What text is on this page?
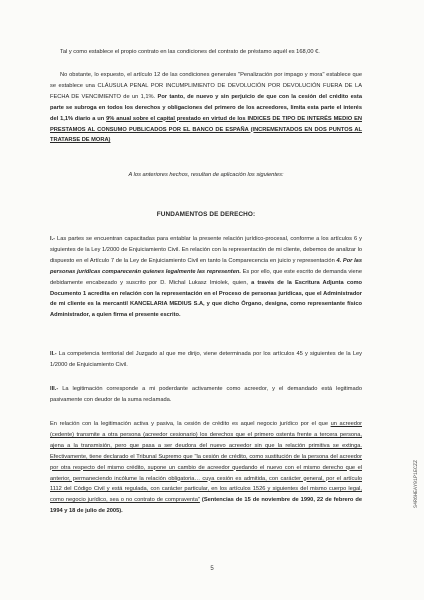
Tal y como establece el propio contrato en las condiciones del contrato de préstamo aquél es 168,00 €.

No obstante, lo expuesto, el artículo 12 de las condiciones generales "Penalización por impago y mora" establece que se establece una CLÁUSULA PENAL POR INCUMPLIMIENTO DE DEVOLUCIÓN POR DEVOLUCIÓN FUERA DE LA FECHA DE VENCIMIENTO de un 1,1%. Por tanto, de nuevo y sin perjuicio de que con la cesión del crédito esta parte se subroga en todos los derechos y obligaciones del primero de los acreedores, limita esta parte el interés del 1,1% diario a un 9% anual sobre el capital prestado en virtud de los INDICES DE TIPO DE INTERÉS MEDIO EN PRESTAMOS AL CONSUMO PUBLICADOS POR EL BANCO DE ESPAÑA (INCREMENTADOS EN DOS PUNTOS AL TRATARSE DE MORA)

A los anteriores hechos, resultan de aplicación los siguientes:
FUNDAMENTOS DE DERECHO:

I.- Las partes se encuentran capacitadas para entablar la presente relación jurídico-procesal, conforme a los artículos 6 y siguientes de la Ley 1/2000 de Enjuiciamiento Civil. En relación con la representación de mi cliente, debemos de analizar lo dispuesto en el Artículo 7 de la Ley de Enjuiciamiento Civil en tanto la Comparecencia en juicio y representación 4. Por las personas jurídicas comparecerán quienes legalmente las representen. Es por ello, que este escrito de demanda viene debidamente encabezado y suscrito por D. Michal Lukasz Imiolek, quien, a través de la Escritura Adjunta como Documento 1 acredita en relación con la representación en el Proceso de personas jurídicas, que el Administrador de mi cliente es la mercantil KANCELARIA MEDIUS S.A, y que dicho Órgano, designa, como representante físico Administrador, a quien firma el presente escrito.

II.- La competencia territorial del Juzgado al que me dirijo, viene determinada por los artículos 45 y siguientes de la Ley 1/2000 de Enjuiciamiento Civil.

III.- La legitimación corresponde a mi poderdante activamente como acreedor, y el demandado está legitimado pasivamente con deudor de la suma reclamada.

En relación con la legitimación activa y pasiva, la cesión de crédito es aquel negocio jurídico por el que un acreedor (cedente) transmite a otra persona (acreedor cesionario) los derechos que el primero ostenta frente a tercera persona, ajena a la transmisión, pero que pasa a ser deudora del nuevo acreedor sin que la relación primitiva se extinga. Efectivamente, tiene declarado el Tribunal Supremo que "la cesión de crédito, como sustitución de la persona del acreedor por otra respecto del mismo crédito, supone un cambio de acreedor quedando el nuevo con el mismo derecho que el anterior, permaneciendo incólume la relación obligatoria… cuya cesión es admitida, con carácter general, por el artículo 1112 del Código Civil y está regulada, con carácter particular, en los artículos 1526 y siguientes del mismo cuerpo legal, como negocio jurídico, sea o no contrato de compraventa" (Sentencias de 15 de noviembre de 1990, 22 de febrero de 1994 y 18 de julio de 2005).

S4R6HEAY91P1ECZZ
5
